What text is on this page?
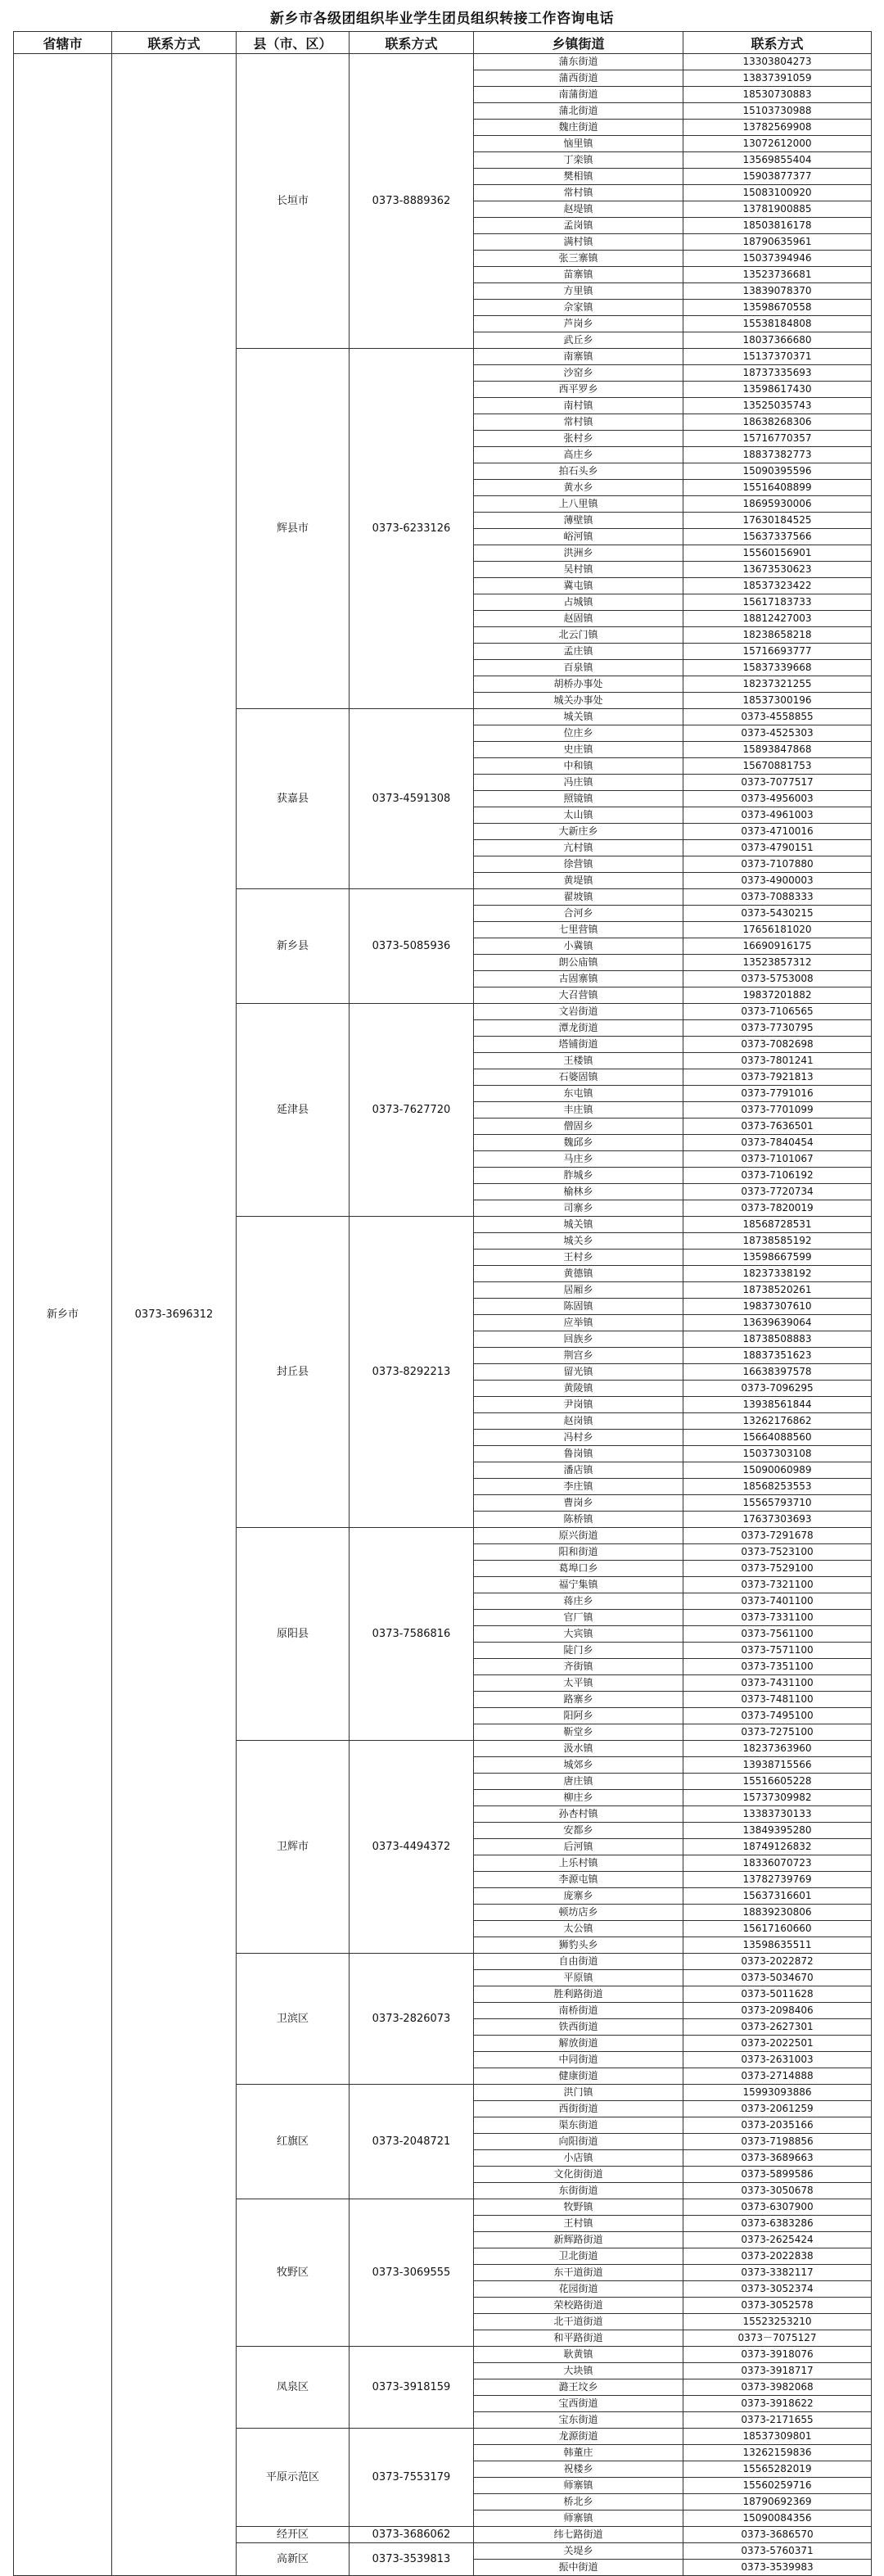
新乡市各级团组织毕业学生团员组织转接工作咨询电话
省辖市	联系方式	县（市、区）	联系方式	乡镇街道	联系方式
新乡市	0373-3696312	长垣市	0373-8889362	蒲东街道	13303804273
				蒲西街道	13837391059
				南蒲街道	18530730883
				蒲北街道	15103730988
				魏庄街道	13782569908
				恼里镇	13072612000
				丁栾镇	13569855404
				樊相镇	15903877377
				常村镇	15083100920
				赵堤镇	13781900885
				孟岗镇	18503816178
				满村镇	18790635961
				张三寨镇	15037394946
				苗寨镇	13523736681
				方里镇	13839078370
				佘家镇	13598670558
				芦岗乡	15538184808
				武丘乡	18037366680
		辉县市	0373-6233126	南寨镇	15137370371
				沙窑乡	18737335693
				西平罗乡	13598617430
				南村镇	13525035743
				常村镇	18638268306
				张村乡	15716770357
				高庄乡	18837382773
				拍石头乡	15090395596
				黄水乡	15516408899
				上八里镇	18695930006
				薄壁镇	17630184525
				峪河镇	15637337566
				洪洲乡	15560156901
				吴村镇	13673530623
				冀屯镇	18537323422
				占城镇	15617183733
				赵固镇	18812427003
				北云门镇	18238658218
				孟庄镇	15716693777
				百泉镇	15837339668
				胡桥办事处	18237321255
				城关办事处	18537300196
		获嘉县	0373-4591308	城关镇	0373-4558855
				位庄乡	0373-4525303
				史庄镇	15893847868
				中和镇	15670881753
				冯庄镇	0373-7077517
				照镜镇	0373-4956003
				太山镇	0373-4961003
				大新庄乡	0373-4710016
				亢村镇	0373-4790151
				徐营镇	0373-7107880
				黄堤镇	0373-4900003
		新乡县	0373-5085936	翟坡镇	0373-7088333
				合河乡	0373-5430215
				七里营镇	17656181020
				小冀镇	16690916175
				朗公庙镇	13523857312
				古固寨镇	0373-5753008
				大召营镇	19837201882
		延津县	0373-7627720	文岩街道	0373-7106565
				潭龙街道	0373-7730795
				塔铺街道	0373-7082698
				王楼镇	0373-7801241
				石婆固镇	0373-7921813
				东屯镇	0373-7791016
				丰庄镇	0373-7701099
				僧固乡	0373-7636501
				魏邱乡	0373-7840454
				马庄乡	0373-7101067
				胙城乡	0373-7106192
				榆林乡	0373-7720734
				司寨乡	0373-7820019
		封丘县	0373-8292213	城关镇	18568728531
				城关乡	18738585192
				王村乡	13598667599
				黄德镇	18237338192
				居厢乡	18738520261
				陈固镇	19837307610
				应举镇	13639639064
				回族乡	18738508883
				荆宫乡	18837351623
				留光镇	16638397578
				黄陵镇	0373-7096295
				尹岗镇	13938561844
				赵岗镇	13262176862
				冯村乡	15664088560
				鲁岗镇	15037303108
				潘店镇	15090060989
				李庄镇	18568253553
				曹岗乡	15565793710
				陈桥镇	17637303693
		原阳县	0373-7586816	原兴街道	0373-7291678
				阳和街道	0373-7523100
				葛埠口乡	0373-7529100
				福宁集镇	0373-7321100
				蒋庄乡	0373-7401100
				官厂镇	0373-7331100
				大宾镇	0373-7561100
				陡门乡	0373-7571100
				齐街镇	0373-7351100
				太平镇	0373-7431100
				路寨乡	0373-7481100
				阳阿乡	0373-7495100
				靳堂乡	0373-7275100
		卫辉市	0373-4494372	汲水镇	18237363960
				城郊乡	13938715566
				唐庄镇	15516605228
				柳庄乡	15737309982
				孙杏村镇	13383730133
				安都乡	13849395280
				后河镇	18749126832
				上乐村镇	18336070723
				李源屯镇	13782739769
				庞寨乡	15637316601
				顿坊店乡	18839230806
				太公镇	15617160660
				狮豹头乡	13598635511
		卫滨区	0373-2826073	自由街道	0373-2022872
				平原镇	0373-5034670
				胜利路街道	0373-5011628
				南桥街道	0373-2098406
				铁西街道	0373-2627301
				解放街道	0373-2022501
				中同街道	0373-2631003
				健康街道	0373-2714888
		红旗区	0373-2048721	洪门镇	15993093886
				西街街道	0373-2061259
				渠东街道	0373-2035166
				向阳街道	0373-7198856
				小店镇	0373-3689663
				文化街街道	0373-5899586
				东街街道	0373-3050678
		牧野区	0373-3069555	牧野镇	0373-6307900
				王村镇	0373-6383286
				新辉路街道	0373-2625424
				卫北街道	0373-2022838
				东干道街道	0373-3382117
				花园街道	0373-3052374
				荣校路街道	0373-3052578
				北干道街道	15523253210
				和平路街道	0373－7075127
		凤泉区	0373-3918159	耿黄镇	0373-3918076
				大块镇	0373-3918717
				潞王坟乡	0373-3982068
				宝西街道	0373-3918622
				宝东街道	0373-2171655
		平原示范区	0373-7553179	龙源街道	18537309801
				韩董庄	13262159836
				祝楼乡	15565282019
				师寨镇	15560259716
				桥北乡	18790692369
				师寨镇	15090084356
		经开区	0373-3686062	纬七路街道	0373-3686570
		高新区	0373-3539813	关堤乡	0373-5760371
				振中街道	0373-3539983
